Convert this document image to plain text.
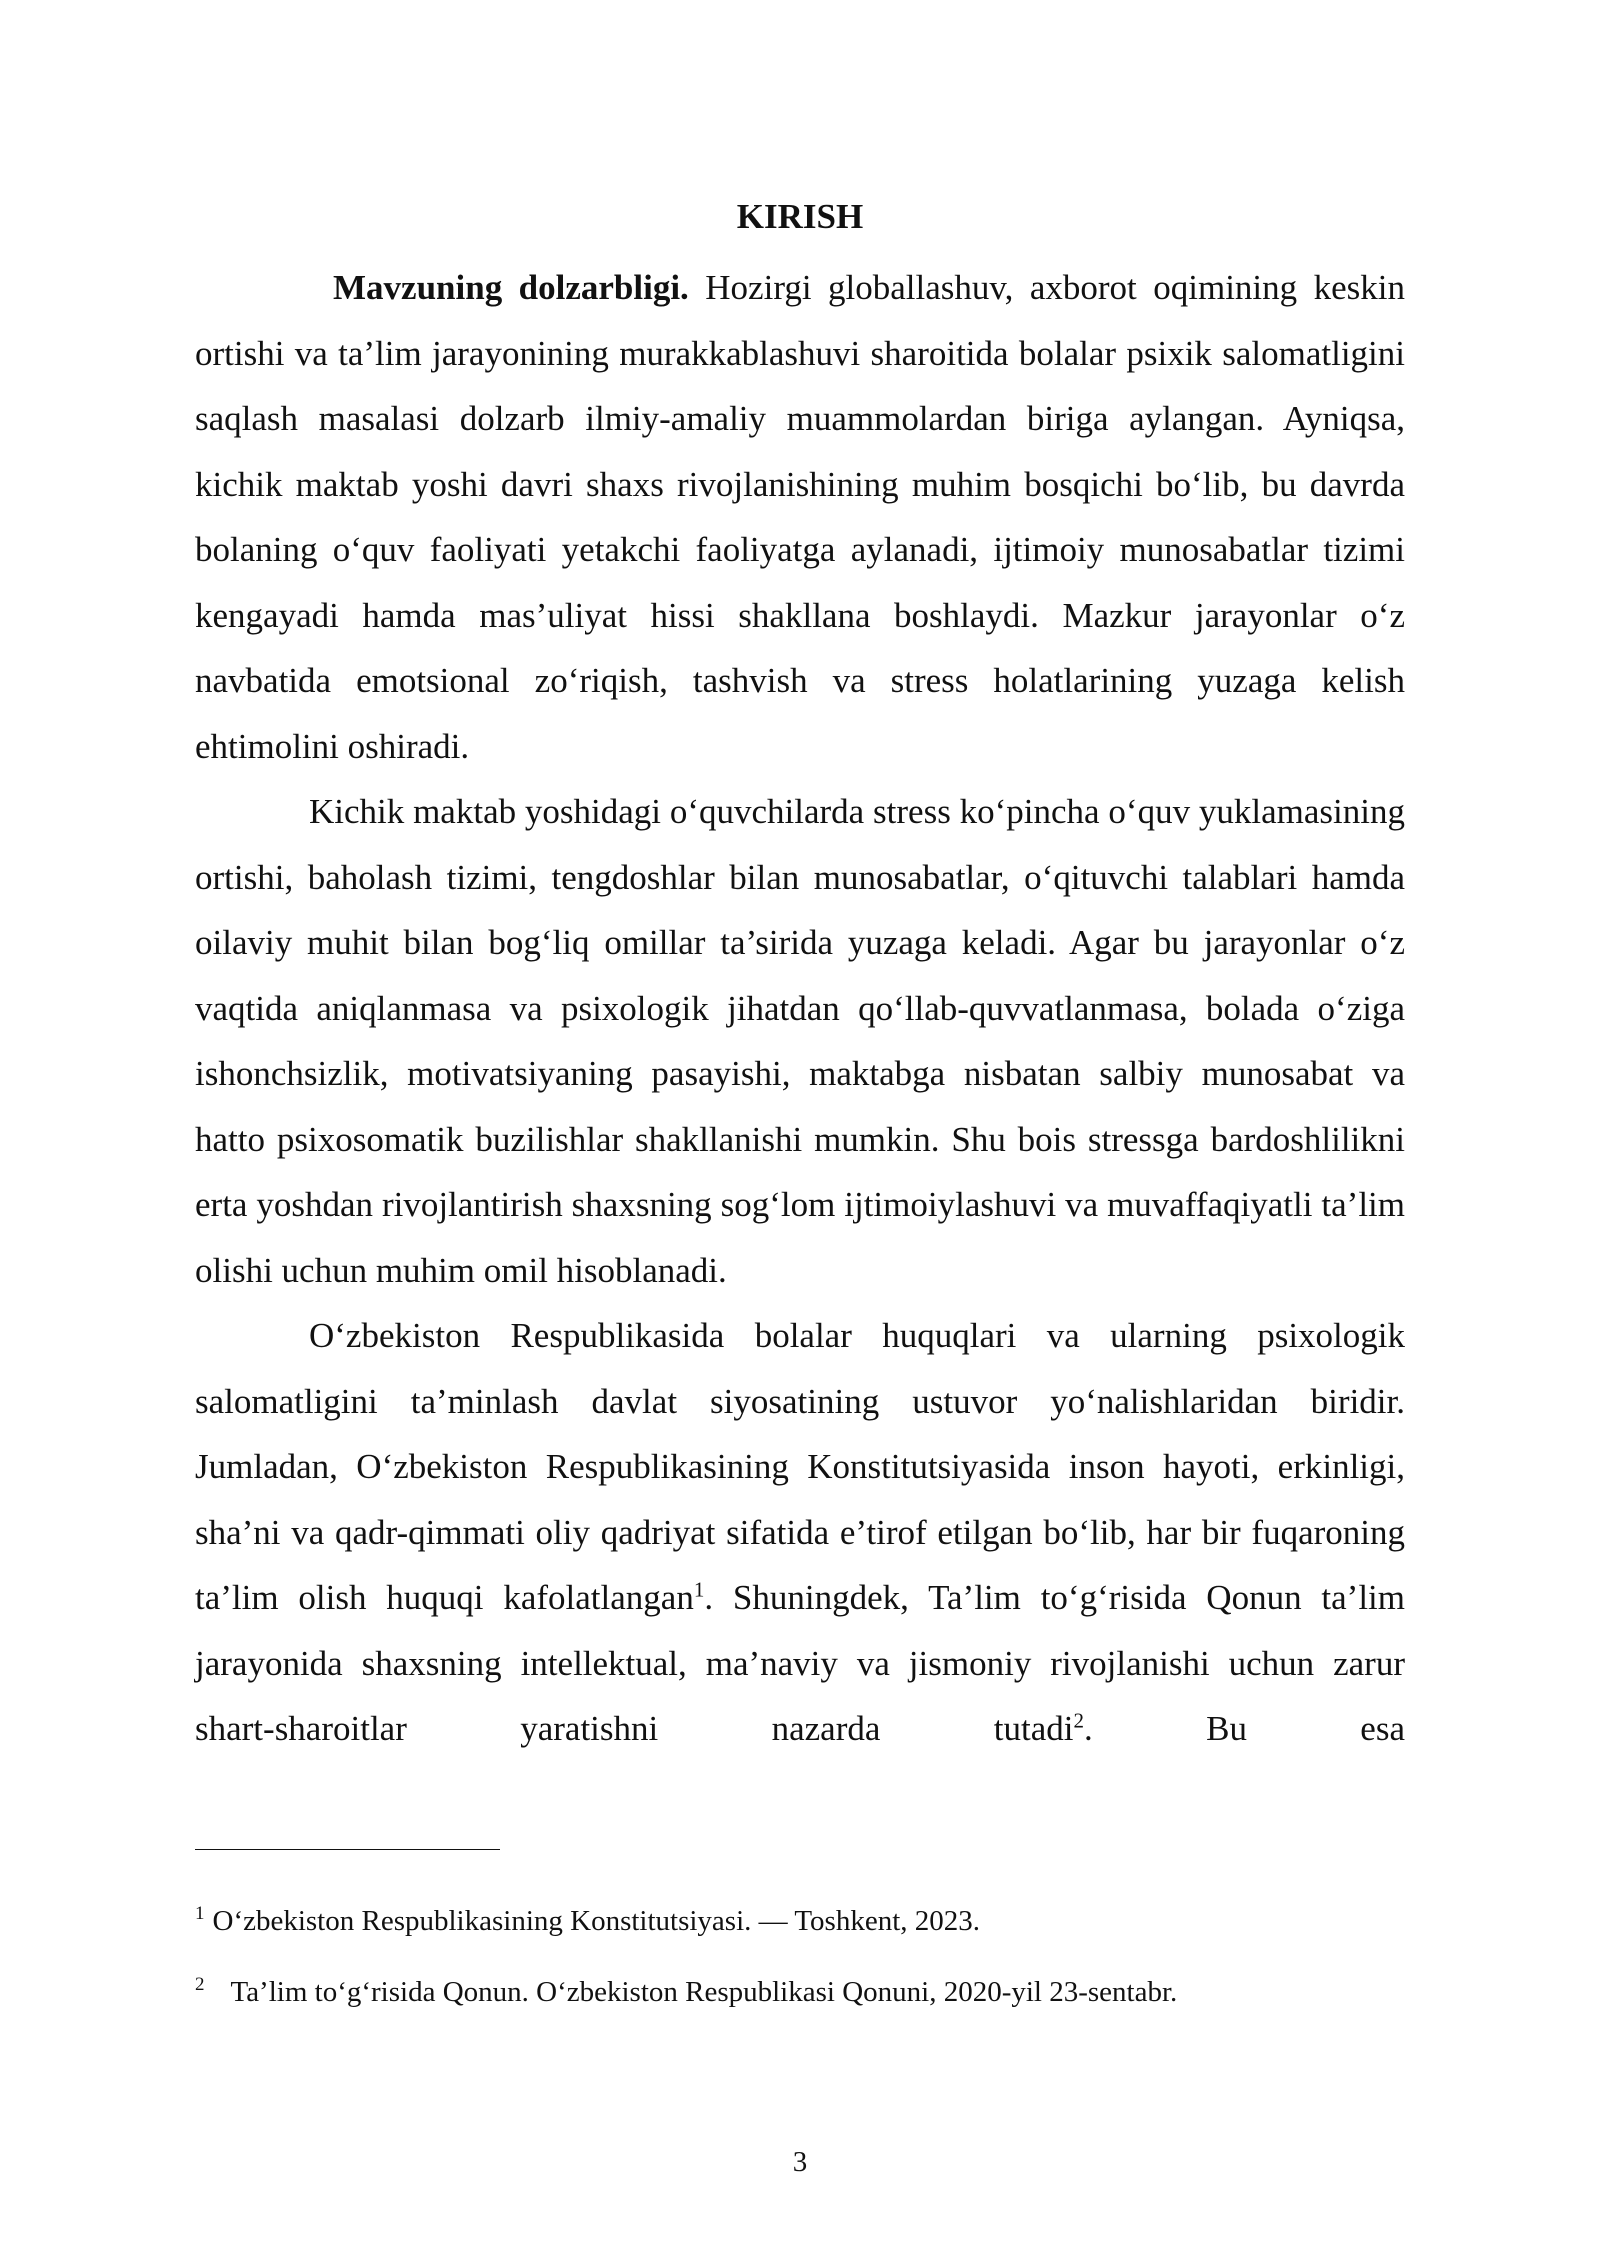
KIRISH

Mavzuning dolzarbligi. Hozirgi globallashuv, axborot oqimining keskin ortishi va ta’lim jarayonining murakkablashuvi sharoitida bolalar psixik salomatligini saqlash masalasi dolzarb ilmiy-amaliy muammolardan biriga aylangan. Ayniqsa, kichik maktab yoshi davri shaxs rivojlanishining muhim bosqichi bo‘lib, bu davrda bolaning o‘quv faoliyati yetakchi faoliyatga aylanadi, ijtimoiy munosabatlar tizimi kengayadi hamda mas’uliyat hissi shakllana boshlaydi. Mazkur jarayonlar o‘z navbatida emotsional zo‘riqish, tashvish va stress holatlarining yuzaga kelish ehtimolini oshiradi.

Kichik maktab yoshidagi o‘quvchilarda stress ko‘pincha o‘quv yuklamasining ortishi, baholash tizimi, tengdoshlar bilan munosabatlar, o‘qituvchi talablari hamda oilaviy muhit bilan bog‘liq omillar ta’sirida yuzaga keladi. Agar bu jarayonlar o‘z vaqtida aniqlanmasa va psixologik jihatdan qo‘llab-quvvatlanmasa, bolada o‘ziga ishonchsizlik, motivatsiyaning pasayishi, maktabga nisbatan salbiy munosabat va hatto psixosomatik buzilishlar shakllanishi mumkin. Shu bois stressga bardoshlilikni erta yoshdan rivojlantirish shaxsning sog‘lom ijtimoiylashuvi va muvaffaqiyatli ta’lim olishi uchun muhim omil hisoblanadi.

O‘zbekiston Respublikasida bolalar huquqlari va ularning psixologik salomatligini ta’minlash davlat siyosatining ustuvor yo‘nalishlaridan biridir. Jumladan, O‘zbekiston Respublikasining Konstitutsiyasida inson hayoti, erkinligi, sha’ni va qadr-qimmati oliy qadriyat sifatida e’tirof etilgan bo‘lib, har bir fuqaroning ta’lim olish huquqi kafolatlangan$^1$. Shuningdek, Ta’lim to‘g‘risida Qonun ta’lim jarayonida shaxsning intellektual, ma’naviy va jismoniy rivojlanishi uchun zarur shart-sharoitlar yaratishni nazarda tutadi$^2$. Bu esa

$^1$ O‘zbekiston Respublikasining Konstitutsiyasi. — Toshkent, 2023.

$^2$ Ta’lim to‘g‘risida Qonun. O‘zbekiston Respublikasi Qonuni, 2020-yil 23-sentabr.

3
